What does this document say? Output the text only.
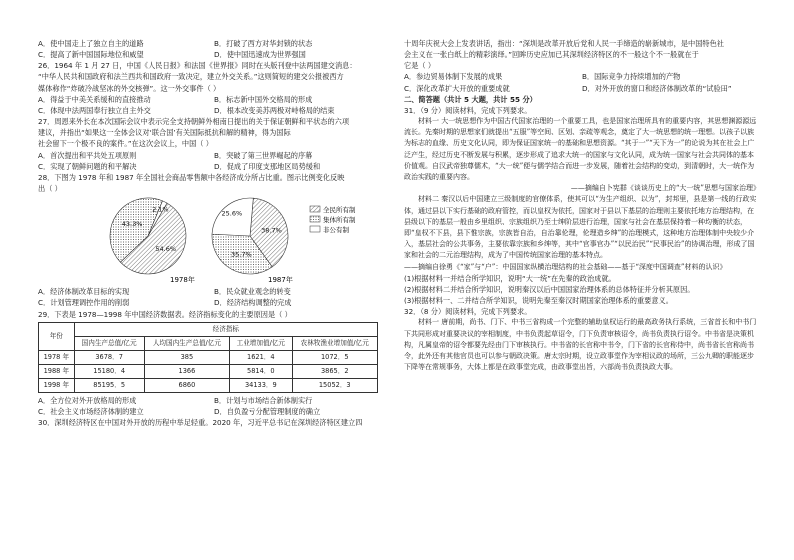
A．使中国走上了独立自主的道路	B．打破了西方对华封锁的状态
C．提高了新中国国际地位和威望	D．使中国迅速成为世界强国
26．1964 年 1 月 27 日，中国《人民日报》和法国《世界报》同时在头版刊登中法两国建交消息：
“中华人民共和国政府和法兰西共和国政府一致决定，建立外交关系。”这则简短的建交公报被西方
媒体称作“炸破冷战坚冰的外交核弹”。这一外交事件（ ）
A．得益于中美关系缓和的直接推动	B．标志新中国外交格局的形成
C．体现中法两国奉行独立自主外交	D．根本改变美苏两极对峙格局的结束
27．周恩来外长在本次国际会议中表示完全支持朝鲜外相南日提出的关于保证朝鲜和平状态的六项
建议，并指出“如果这一全体会议对‘联合国’有关国际抵抗和解的精神，得为国际
社会留下一个极不良的案件。”在这次会议上，中国（ ）
A．首次提出和平共处五项原则	B．突破了第三世界崛起的序幕
C．实现了朝鲜问题的和平解决	D．促成了印度支那地区局势缓和
28．下图为 1978 年和 1987 年全国社会商品零售额中各经济成分所占比重。图示比例变化反映
出（ ）
54.6%
43.3%
2.1%
38.7%
35.7%
25.6%
1978年	1987年
全民所有制
集体所有制
非公有制
A．经济体制改革目标的实现	B．民众就业观念的转变
C．计划管理调控作用的削弱	D．经济结构调整的完成
29．下表是 1978—1998 年中国经济数据表。经济指标变化的主要原因是（ ）
年份	经济指标			
	国内生产总值/亿元	人均国内生产总值/亿元	工业增加值/亿元	农林牧渔业增加值/亿元
1978 年	3678．7	385	1621．4	1072．5
1988 年	15180．4	1366	5814．0	3865．2
1998 年	85195．5	6860	34133．9	15052．3
A．全方位对外开放格局的形成	B．计划与市场结合新体制实行
C．社会主义市场经济体制的建立	D．自负盈亏分配管理制度的确立
30．深圳经济特区在中国对外开放的历程中举足轻重。2020 年，习近平总书记在深圳经济特区建立四
十周年庆祝大会上发表讲话，指出：“深圳是改革开放后党和人民一手缔造的崭新城市，是中国特色社
会主义在一张白纸上的精彩演绎。”回眸历史应加已其深圳经济特区的不一般这个不一般就在于
它是（ ）
A．参边贸易体制下发展的成果	B．国际竞争力持续增加的产物
C．深化改革扩大开放的重要成就	D．对外开放的窗口和经济体制改革的“试验田”
二、简答题（共计 5 大题，共计 55 分）
31．（9 分）阅读材料，完成下列要求。
材料一 大一统思想作为中国古代国家治理的一个重要工具，也是国家治理所具有的重要内容，其思想渊源源远流长。先秦时期的思想家们就提出“五服”等空间、区划、亲疏等观念，奠定了大一统思想的统一理想。以孩子以族为标志的血缘、历史文化认同，即为保证国家统一的基础和思想资源。“其于一”“天下为一”的论说为其在社会上广泛产生，经过历史不断发展与积累，逐步形成了追求大统一的国家与文化认同，成为统一国家与社会共同体的基本价值观。自汉武帝独尊儒术，“大一统”便与儒学结合而进一步发展，随着社会结构的变动，到清朝时，大一统作为政治实践的重要内容。
——摘编自卜宪群《谈谈历史上的“大一统”思想与国家治理》
材料二 秦汉以后中国建立三级制度的官僚体系，使其可以“为生产组织、以为”，封邦里，县是第一线的行政实体，通过县以下实行基础的政府管控，而以皇权为依托，国家对于县以下基层的治理则主要依托地方治理结构，在县级以下的基层一般由乡里组织、宗族组织乃至士绅阶层进行治理，国家与社会在基层保持着一种均衡的状态，即“皇权不下县，县下惟宗族，宗族皆自治，自治靠伦理，伦理造乡绅”的治理模式，这种地方治理体制中央较少介入，基层社会的公共事务，主要依靠宗族和乡绅等，其中“官事官办”“以民治民”“民事民治”的协调治理，形成了国家和社会的二元治理结构，成为了中国传统国家治理的基本特点。
——摘编自徐勇《“家”与“户”：中国国家纵横治理结构的社会基础——基于“深度中国调查”材料的认识》
(1)根据材料一并结合所学知识，说明“大一统”在先秦的政治成就。
(2)根据材料二并结合所学知识，说明秦汉以后中国国家治理体系的总体特征并分析其原因。
(3)根据材料一、二并结合所学知识，说明先秦至秦汉时期国家治理体系的重要意义。
32．（8 分）阅读材料，完成下列要求。
材料一 唐前期，尚书、门下、中书三省构成一个完整的辅助皇权运行的最高政务执行系统，三省首长和中书门下共同形成对重要决议的宰相制度，中书负责起草诏令，门下负责审核诏令，尚书负责执行诏令。中书省是决策机构，凡属皇帝的诏令都要先经由门下审核执行。中书省的长官称中书令，门下省的长官称侍中，尚书省长官称尚书令，此外还有其他官员也可以参与朝政决策。唐太宗时期，设立政事堂作为宰相议政的场所，三公九卿的职能逐步下降等在常规事务，大体上都是在政事堂完成，由政事堂出旨，六部尚书负责执政大事。
